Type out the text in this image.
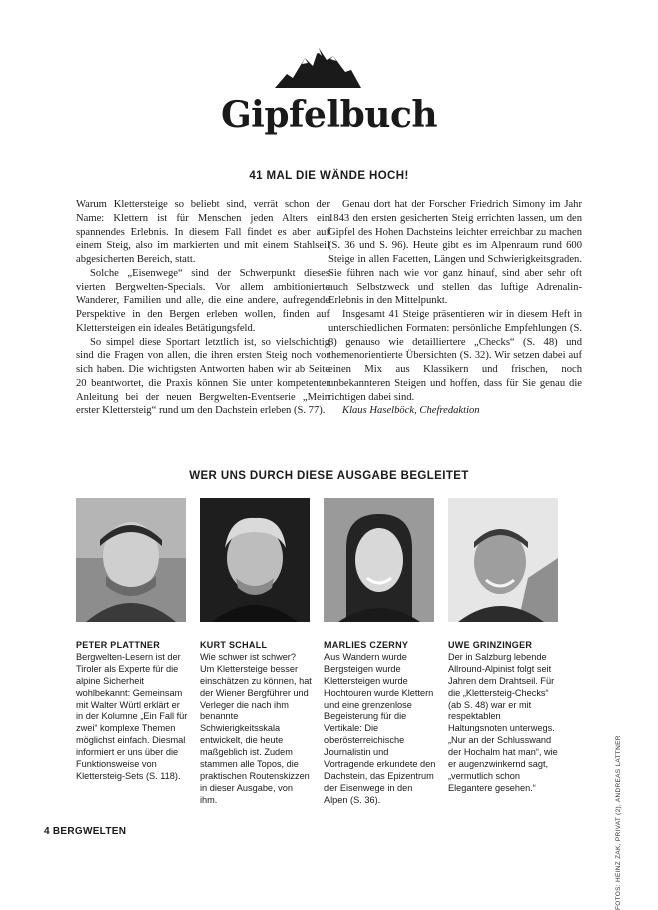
Gipfelbuch
41 MAL DIE WÄNDE HOCH!

Warum Klettersteige so beliebt sind, verrät schon der Name: Klettern ist für Menschen jeden Alters ein spannendes Erlebnis. In diesem Fall findet es aber auf einem Steig, also im markierten und mit einem Stahlseil abgesicherten Bereich, statt.

Solche „Eisenwege“ sind der Schwerpunkt dieses vierten Bergwelten-Specials. Vor allem ambitionierte Wanderer, Familien und alle, die eine andere, aufregende Perspektive in den Bergen erleben wollen, finden auf Klettersteigen ein ideales Betätigungsfeld.

So simpel diese Sportart letztlich ist, so vielschichtig sind die Fragen von allen, die ihren ersten Steig noch vor sich haben. Die wichtigsten Antworten haben wir ab Seite 20 beantwortet, die Praxis können Sie unter kompetenter Anleitung bei der neuen Bergwelten-Eventserie „Mein erster Klettersteig“ rund um den Dachstein erleben (S. 77).

Genau dort hat der Forscher Friedrich Simony im Jahr 1843 den ersten gesicherten Steig errichten lassen, um den Gipfel des Hohen Dachsteins leichter erreichbar zu machen (S. 36 und S. 96). Heute gibt es im Alpenraum rund 600 Steige in allen Facetten, Längen und Schwierigkeitsgraden. Sie führen nach wie vor ganz hinauf, sind aber sehr oft auch Selbstzweck und stellen das luftige Adrenalin-Erlebnis in den Mittelpunkt.

Insgesamt 41 Steige präsentieren wir in diesem Heft in unterschiedlichen Formaten: persönliche Empfehlungen (S. 8) genauso wie detailliertere „Checks“ (S. 48) und themenorientierte Übersichten (S. 32). Wir setzen dabei auf einen Mix aus Klassikern und frischen, noch unbekannteren Steigen und hoffen, dass für Sie genau die richtigen dabei sind.

Klaus Haselböck, Chefredaktion

WER UNS DURCH DIESE AUSGABE BEGLEITET
PETER PLATTNER
Bergwelten-Lesern ist der Tiroler als Experte für die alpine Sicherheit wohlbekannt: Gemeinsam mit Walter Würtl erklärt er in der Kolumne „Ein Fall für zwei“ komplexe Themen möglichst einfach. Diesmal informiert er uns über die Funktionsweise von Klettersteig-Sets (S. 118).
KURT SCHALL
Wie schwer ist schwer? Um Klettersteige besser einschätzen zu können, hat der Wiener Bergführer und Verleger die nach ihm benannte Schwierigkeitsskala entwickelt, die heute maßgeblich ist. Zudem stammen alle Topos, die praktischen Routenskizzen in dieser Ausgabe, von ihm.
MARLIES CZERNY
Aus Wandern wurde Bergsteigen wurde Klettersteigen wurde Hochtouren wurde Klettern und eine grenzenlose Begeisterung für die Vertikale: Die oberösterreichische Journalistin und Vortragende erkundete den Dachstein, das Epizentrum der Eisenwege in den Alpen (S. 36).
UWE GRINZINGER
Der in Salzburg lebende Allround-Alpinist folgt seit Jahren dem Drahtseil. Für die „Klettersteig-Checks“ (ab S. 48) war er mit respektablen Haltungsnoten unterwegs. „Nur an der Schlusswand der Hochalm hat man“, wie er augenzwinkernd sagt, „vermutlich schon Elegantere gesehen.“	FOTOS: HEINZ ZAK, PRIVAT (2), ANDREAS LATTNER
4 BERGWELTEN
